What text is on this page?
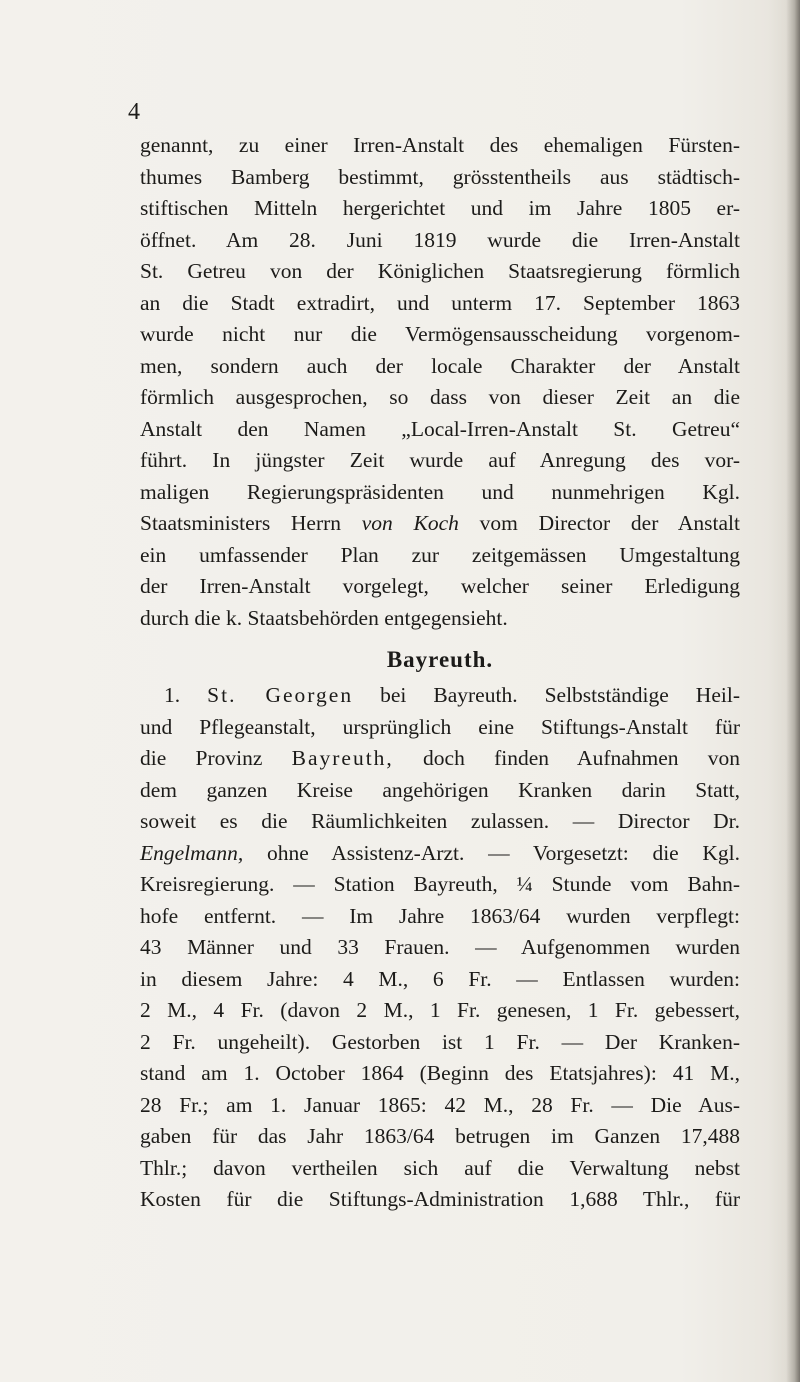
4
genannt, zu einer Irren-Anstalt des ehemaligen Fürsten-
thumes Bamberg bestimmt, grösstentheils aus städtisch-
stiftischen Mitteln hergerichtet und im Jahre 1805 er-
öffnet. Am 28. Juni 1819 wurde die Irren-Anstalt
St. Getreu von der Königlichen Staatsregierung förmlich
an die Stadt extradirt, und unterm 17. September 1863
wurde nicht nur die Vermögensausscheidung vorgenom-
men, sondern auch der locale Charakter der Anstalt
förmlich ausgesprochen, so dass von dieser Zeit an die
Anstalt den Namen „Local-Irren-Anstalt St. Getreu“
führt. In jüngster Zeit wurde auf Anregung des vor-
maligen Regierungspräsidenten und nunmehrigen Kgl.
Staatsministers Herrn von Koch vom Director der Anstalt
ein umfassender Plan zur zeitgemässen Umgestaltung
der Irren-Anstalt vorgelegt, welcher seiner Erledigung
durch die k. Staatsbehörden entgegensieht.
Bayreuth.
1. St. Georgen bei Bayreuth. Selbstständige Heil-
und Pflegeanstalt, ursprünglich eine Stiftungs-Anstalt für
die Provinz Bayreuth, doch finden Aufnahmen von
dem ganzen Kreise angehörigen Kranken darin Statt,
soweit es die Räumlichkeiten zulassen. — Director Dr.
Engelmann, ohne Assistenz-Arzt. — Vorgesetzt: die Kgl.
Kreisregierung. — Station Bayreuth, ¼ Stunde vom Bahn-
hofe entfernt. — Im Jahre 1863/64 wurden verpflegt:
43 Männer und 33 Frauen. — Aufgenommen wurden
in diesem Jahre: 4 M., 6 Fr. — Entlassen wurden:
2 M., 4 Fr. (davon 2 M., 1 Fr. genesen, 1 Fr. gebessert,
2 Fr. ungeheilt). Gestorben ist 1 Fr. — Der Kranken-
stand am 1. October 1864 (Beginn des Etatsjahres): 41 M.,
28 Fr.; am 1. Januar 1865: 42 M., 28 Fr. — Die Aus-
gaben für das Jahr 1863/64 betrugen im Ganzen 17,488
Thlr.; davon vertheilen sich auf die Verwaltung nebst
Kosten für die Stiftungs-Administration 1,688 Thlr., für
